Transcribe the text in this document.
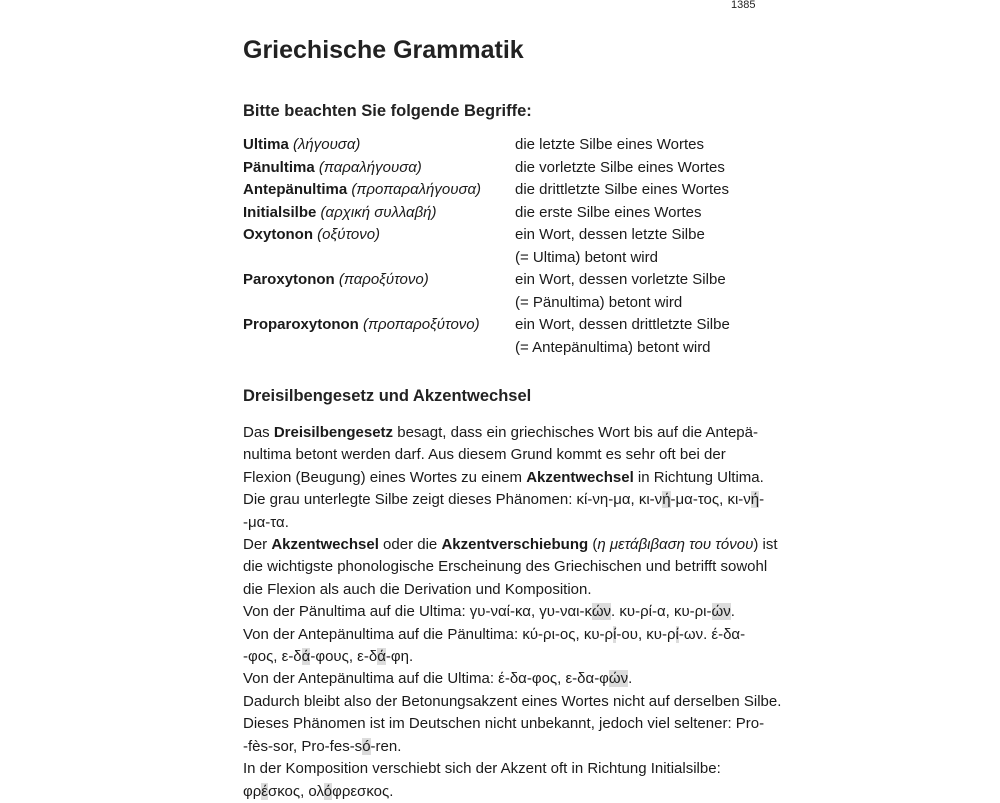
1385
Griechische Grammatik
Bitte beachten Sie folgende Begriffe:
Ultima (λήγουσα)	die letzte Silbe eines Wortes
Pänultima (παραλήγουσα)	die vorletzte Silbe eines Wortes
Antepänultima (προπαραλήγουσα)	die drittletzte Silbe eines Wortes
Initialsilbe (αρχική συλλαβή)	die erste Silbe eines Wortes
Oxytonon (οξύτονο)	ein Wort, dessen letzte Silbe
(= Ultima) betont wird
Paroxytonon (παροξύτονο)	ein Wort, dessen vorletzte Silbe
(= Pänultima) betont wird
Proparoxytonon (προπαροξύτονο)	ein Wort, dessen drittletzte Silbe
(= Antepänultima) betont wird
Dreisilbengesetz und Akzentwechsel
Das Dreisilbengesetz besagt, dass ein griechisches Wort bis auf die Antepä-
nultima betont werden darf. Aus diesem Grund kommt es sehr oft bei der
Flexion (Beugung) eines Wortes zu einem Akzentwechsel in Richtung Ultima.
Die grau unterlegte Silbe zeigt dieses Phänomen: κί-νη-μα, κι-νή-μα-τος, κι-νή-
-μα-τα.
Der Akzentwechsel oder die Akzentverschiebung (η μετάβιβαση του τόνου) ist
die wichtigste phonologische Erscheinung des Griechischen und betrifft sowohl
die Flexion als auch die Derivation und Komposition.
Von der Pänultima auf die Ultima: γυ-ναί-κα, γυ-ναι-κών. κυ-ρί-α, κυ-ρι-ών.
Von der Antepänultima auf die Pänultima: κύ-ρι-ος, κυ-ρί-ου, κυ-ρί-ων. έ-δα-
-φος, ε-δά-φους, ε-δά-φη.
Von der Antepänultima auf die Ultima: έ-δα-φος, ε-δα-φών.
Dadurch bleibt also der Betonungsakzent eines Wortes nicht auf derselben Silbe.
Dieses Phänomen ist im Deutschen nicht unbekannt, jedoch viel seltener: Pro-
-fès-sor, Pro-fes-só-ren.
In der Komposition verschiebt sich der Akzent oft in Richtung Initialsilbe:
φρέσκος, ολόφρεσκος.
